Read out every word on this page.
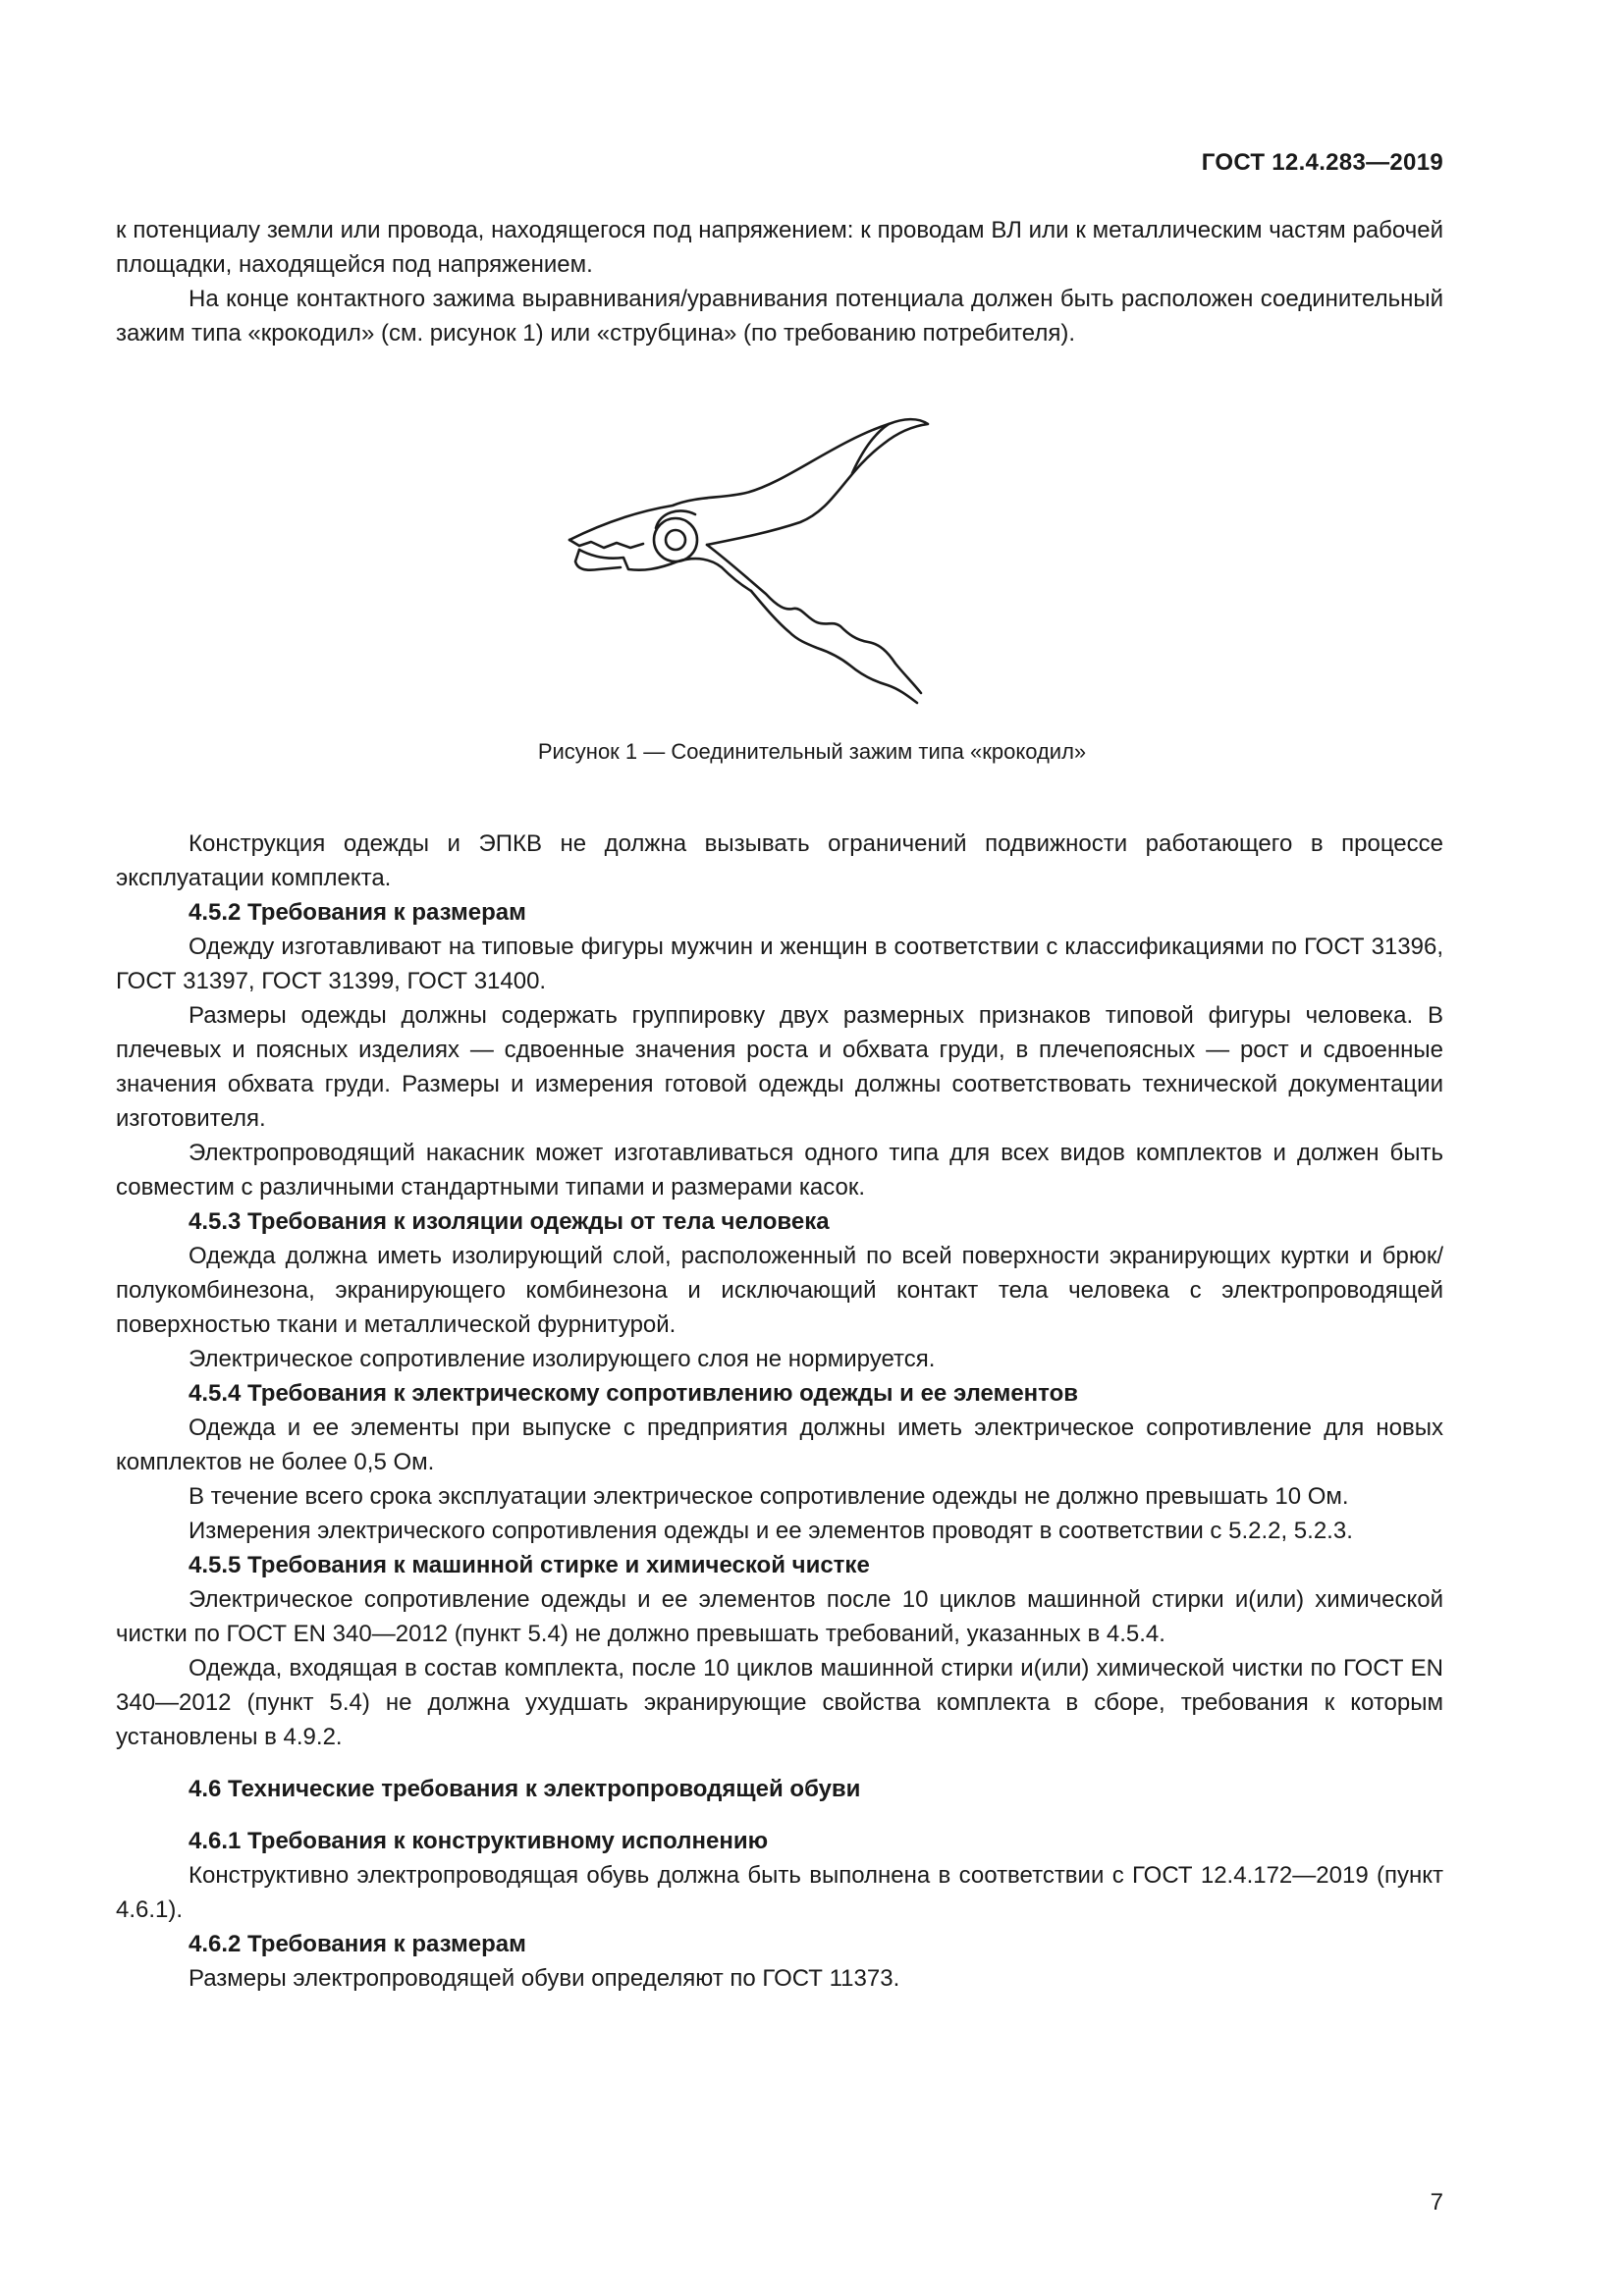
ГОСТ 12.4.283—2019

к потенциалу земли или провода, находящегося под напряжением: к проводам ВЛ или к металлическим частям рабочей площадки, находящейся под напряжением.

На конце контактного зажима выравнивания/уравнивания потенциала должен быть расположен соединительный зажим типа «крокодил» (см. рисунок 1) или «струбцина» (по требованию потребителя).

Рисунок 1 — Соединительный зажим типа «крокодил»

Конструкция одежды и ЭПКВ не должна вызывать ограничений подвижности работающего в процессе эксплуатации комплекта.

4.5.2 Требования к размерам

Одежду изготавливают на типовые фигуры мужчин и женщин в соответствии с классификациями по ГОСТ 31396, ГОСТ 31397, ГОСТ 31399, ГОСТ 31400.

Размеры одежды должны содержать группировку двух размерных признаков типовой фигуры человека. В плечевых и поясных изделиях — сдвоенные значения роста и обхвата груди, в плечепоясных — рост и сдвоенные значения обхвата груди. Размеры и измерения готовой одежды должны соответствовать технической документации изготовителя.

Электропроводящий накасник может изготавливаться одного типа для всех видов комплектов и должен быть совместим с различными стандартными типами и размерами касок.

4.5.3 Требования к изоляции одежды от тела человека

Одежда должна иметь изолирующий слой, расположенный по всей поверхности экранирующих куртки и брюк/полукомбинезона, экранирующего комбинезона и исключающий контакт тела человека с электропроводящей поверхностью ткани и металлической фурнитурой.

Электрическое сопротивление изолирующего слоя не нормируется.

4.5.4 Требования к электрическому сопротивлению одежды и ее элементов

Одежда и ее элементы при выпуске с предприятия должны иметь электрическое сопротивление для новых комплектов не более 0,5 Ом.

В течение всего срока эксплуатации электрическое сопротивление одежды не должно превышать 10 Ом.

Измерения электрического сопротивления одежды и ее элементов проводят в соответствии с 5.2.2, 5.2.3.

4.5.5 Требования к машинной стирке и химической чистке

Электрическое сопротивление одежды и ее элементов после 10 циклов машинной стирки и(или) химической чистки по ГОСТ EN 340—2012 (пункт 5.4) не должно превышать требований, указанных в 4.5.4.

Одежда, входящая в состав комплекта, после 10 циклов машинной стирки и(или) химической чистки по ГОСТ EN 340—2012 (пункт 5.4) не должна ухудшать экранирующие свойства комплекта в сборе, требования к которым установлены в 4.9.2.

4.6 Технические требования к электропроводящей обуви

4.6.1 Требования к конструктивному исполнению

Конструктивно электропроводящая обувь должна быть выполнена в соответствии с ГОСТ 12.4.172—2019 (пункт 4.6.1).

4.6.2 Требования к размерам

Размеры электропроводящей обуви определяют по ГОСТ 11373.

7
